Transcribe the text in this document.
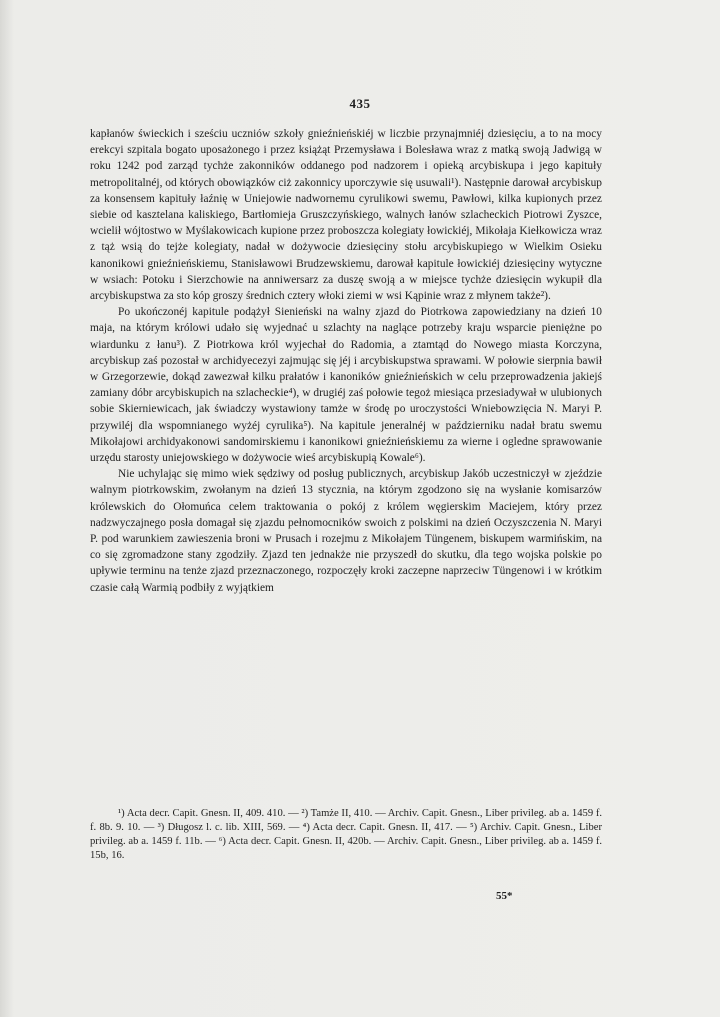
435

kapłanów świeckich i sześciu uczniów szkoły gnieźnieńskiéj w liczbie przynajmniéj dziesięciu, a to na mocy erekcyi szpitala bogato uposażonego i przez książąt Przemysława i Bolesława wraz z matką swoją Jadwigą w roku 1242 pod zarząd tychże zakonników oddanego pod nadzorem i opieką arcybiskupa i jego kapituły metropolitalnéj, od których obowiązków ciż zakonnicy uporczywie się usuwali¹). Następnie darował arcybiskup za konsensem kapituły łaźnię w Uniejowie nadwornemu cyrulikowi swemu, Pawłowi, kilka kupionych przez siebie od kasztelana kaliskiego, Bartłomieja Gruszczyńskiego, walnych łanów szlacheckich Piotrowi Zyszce, wcielił wójtostwo w Myślakowicach kupione przez proboszcza kolegiaty łowickiéj, Mikołaja Kiełkowicza wraz z tąż wsią do tejże kolegiaty, nadał w dożywocie dziesięciny stołu arcybiskupiego w Wielkim Osieku kanonikowi gnieźnieńskiemu, Stanisławowi Brudzewskiemu, darował kapitule łowickiéj dziesięciny wytyczne w wsiach: Potoku i Sierzchowie na anniwersarz za duszę swoją a w miejsce tychże dziesięcin wykupił dla arcybiskupstwa za sto kóp groszy średnich cztery włoki ziemi w wsi Kąpinie wraz z młynem także²).

Po ukończonéj kapitule podążył Sienieński na walny zjazd do Piotrkowa zapowiedziany na dzień 10 maja, na którym królowi udało się wyjednać u szlachty na naglące potrzeby kraju wsparcie pieniężne po wiardunku z łanu³). Z Piotrkowa król wyjechał do Radomia, a ztamtąd do Nowego miasta Korczyna, arcybiskup zaś pozostał w archidyecezyi zajmując się jéj i arcybiskupstwa sprawami. W połowie sierpnia bawił w Grzegorzewie, dokąd zawezwał kilku prałatów i kanoników gnieźnieńskich w celu przeprowadzenia jakiejś zamiany dóbr arcybiskupich na szlacheckie⁴), w drugiéj zaś połowie tegoż miesiąca przesiadywał w ulubionych sobie Skierniewicach, jak świadczy wystawiony tamże w środę po uroczystości Wniebowzięcia N. Maryi P. przywiléj dla wspomnianego wyżéj cyrulika⁵). Na kapitule jeneralnéj w październiku nadał bratu swemu Mikołajowi archidyakonowi sandomirskiemu i kanonikowi gnieźnieńskiemu za wierne i ogledne sprawowanie urzędu starosty uniejowskiego w dożywocie wieś arcybiskupią Kowale⁶).

Nie uchylając się mimo wiek sędziwy od posług publicznych, arcybiskup Jakób uczestniczył w zjeździe walnym piotrkowskim, zwołanym na dzień 13 stycznia, na którym zgodzono się na wysłanie komisarzów królewskich do Ołomuńca celem traktowania o pokój z królem węgierskim Maciejem, który przez nadzwyczajnego posła domagał się zjazdu pełnomocników swoich z polskimi na dzień Oczyszczenia N. Maryi P. pod warunkiem zawieszenia broni w Prusach i rozejmu z Mikołajem Tüngenem, biskupem warmińskim, na co się zgromadzone stany zgodziły. Zjazd ten jednakże nie przyszedł do skutku, dla tego wojska polskie po upływie terminu na tenże zjazd przeznaczonego, rozpoczęły kroki zaczepne naprzeciw Tüngenowi i w krótkim czasie całą Warmią podbiły z wyjątkiem

¹) Acta decr. Capit. Gnesn. II, 409. 410. — ²) Tamże II, 410. — Archiv. Capit. Gnesn., Liber privileg. ab a. 1459 f. f. 8b. 9. 10. — ³) Długosz l. c. lib. XIII, 569. — ⁴) Acta decr. Capit. Gnesn. II, 417. — ⁵) Archiv. Capit. Gnesn., Liber privileg. ab a. 1459 f. 11b. — ⁶) Acta decr. Capit. Gnesn. II, 420b. — Archiv. Capit. Gnesn., Liber privileg. ab a. 1459 f. 15b, 16.

55*
